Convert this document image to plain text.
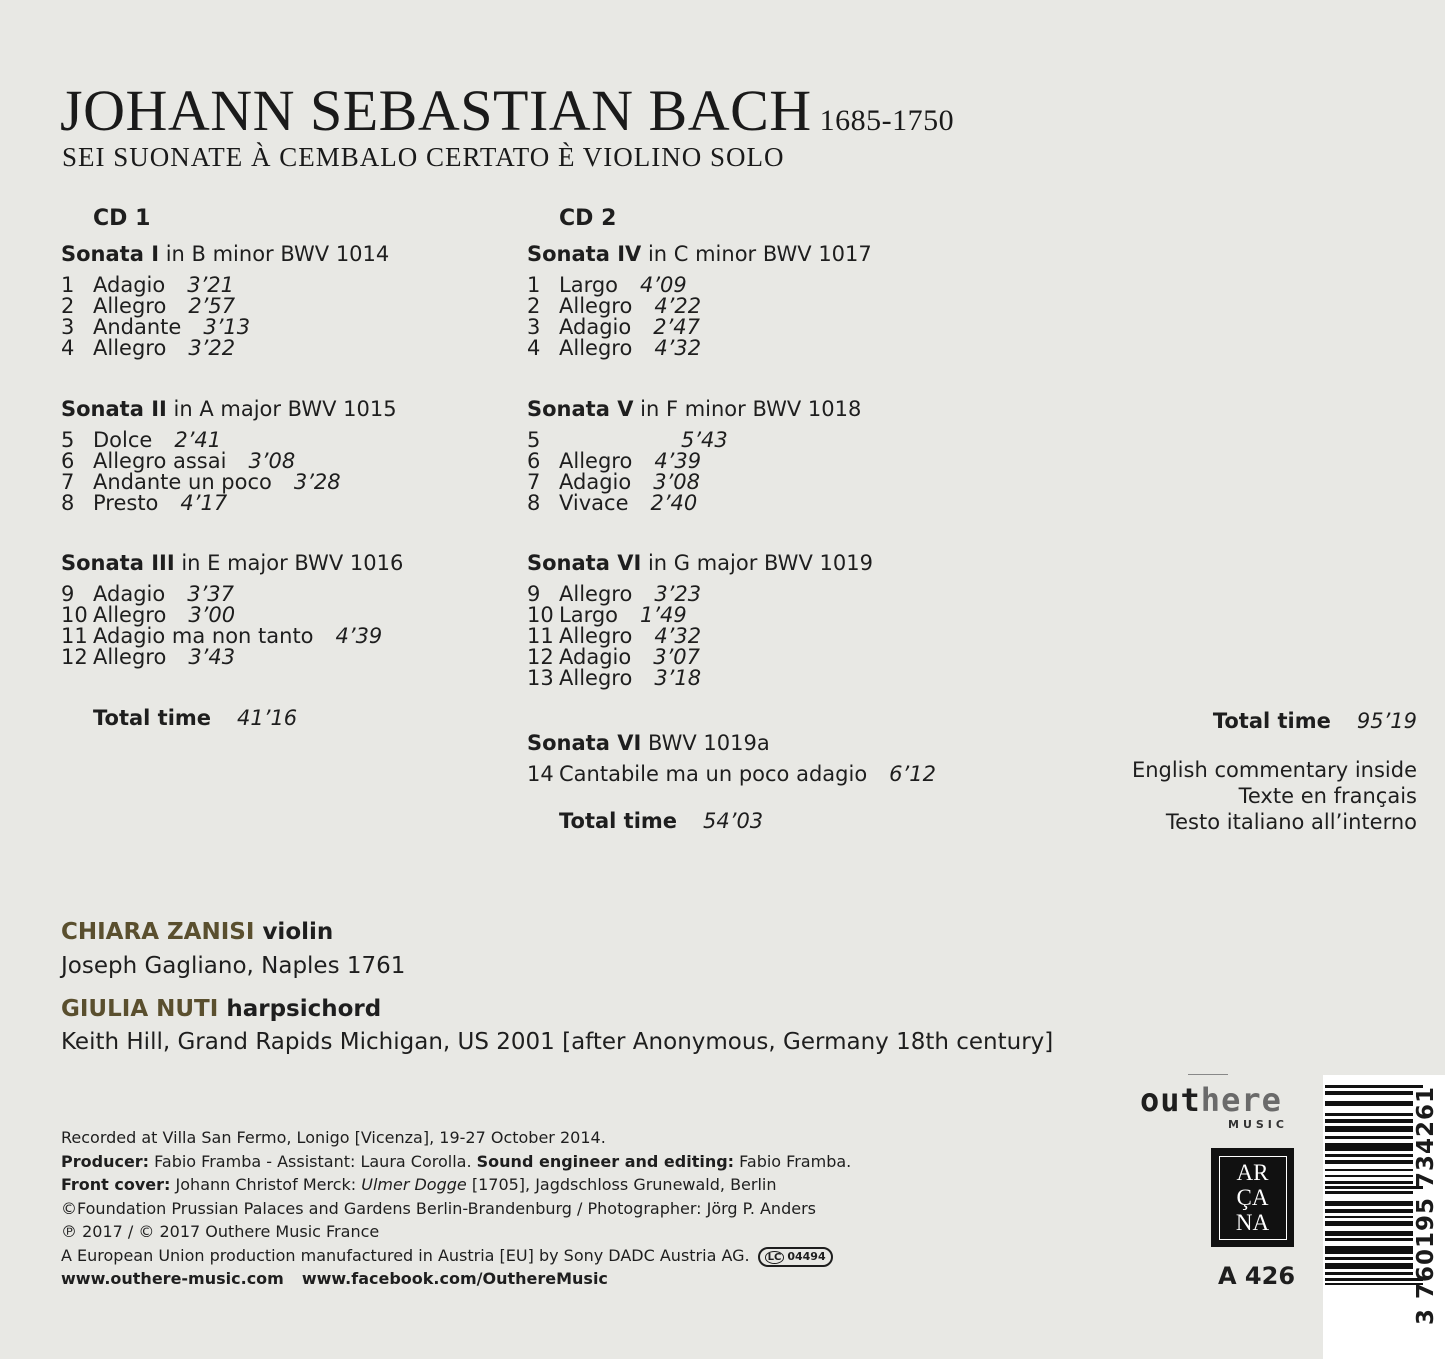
JOHANN SEBASTIAN BACH 1685-1750
SEI SUONATE À CEMBALO CERTATO È VIOLINO SOLO
CD 1
Sonata I in B minor BWV 1014
1 Adagio 3’21
2 Allegro 2’57
3 Andante 3’13
4 Allegro 3’22
Sonata II in A major BWV 1015
5 Dolce 2’41
6 Allegro assai 3’08
7 Andante un poco 3’28
8 Presto 4’17
Sonata III in E major BWV 1016
9 Adagio 3’37
10 Allegro 3’00
11 Adagio ma non tanto 4’39
12 Allegro 3’43
Total time 41’16
CD 2
Sonata IV in C minor BWV 1017
1 Largo 4’09
2 Allegro 4’22
3 Adagio 2’47
4 Allegro 4’32
Sonata V in F minor BWV 1018
5	5’43
6 Allegro 4’39
7 Adagio 3’08
8 Vivace 2’40
Sonata VI in G major BWV 1019
9 Allegro 3’23
10 Largo 1’49
11 Allegro 4’32
12 Adagio 3’07
13 Allegro 3’18
Sonata VI BWV 1019a
14 Cantabile ma un poco adagio 6’12
Total time 54’03
Total time 95’19
English commentary inside
Texte en français
Testo italiano all’interno
CHIARA ZANISI violin
Joseph Gagliano, Naples 1761
GIULIA NUTI harpsichord
Keith Hill, Grand Rapids Michigan, US 2001 [after Anonymous, Germany 18th century]
Recorded at Villa San Fermo, Lonigo [Vicenza], 19-27 October 2014.
Producer: Fabio Framba - Assistant: Laura Corolla. Sound engineer and editing: Fabio Framba.
Front cover: Johann Christof Merck: Ulmer Dogge [1705], Jagdschloss Grunewald, Berlin
©Foundation Prussian Palaces and Gardens Berlin-Brandenburg / Photographer: Jörg P. Anders
℗ 2017 / © 2017 Outhere Music France
A European Union production manufactured in Austria [EU] by Sony DADC Austria AG. LC 04494
www.outhere-music.com www.facebook.com/OuthereMusic
outhere
MUSIC
AR
ÇA
NA
A 426	3 760195 734261
